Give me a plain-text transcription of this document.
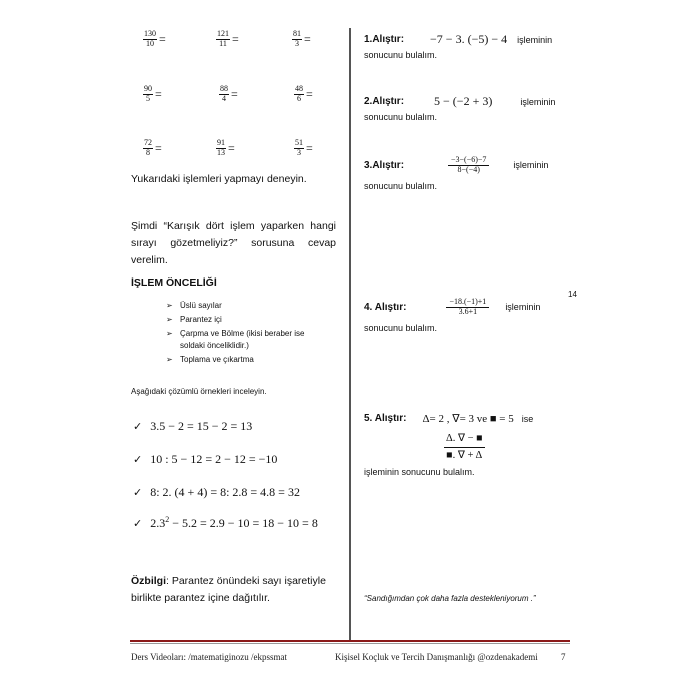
$\frac{130}{10}$ =	$\frac{121}{11}$ =	$\frac{81}{3}$ =
$\frac{90}{5}$ =	$\frac{88}{4}$ =	$\frac{48}{6}$ =
$\frac{72}{8}$ =	$\frac{91}{13}$ =	$\frac{51}{3}$ =
Yukarıdaki işlemleri yapmayı deneyin.
Şimdi “Karışık dört işlem yaparken hangi sırayı gözetmeliyiz?” sorusuna cevap verelim.
İŞLEM ÖNCELİĞİ
➢ Üslü sayılar
➢ Parantez içi
➢ Çarpma ve Bölme (ikisi beraber ise soldaki önceliklidir.)
➢ Toplama ve çıkartma
Aşağıdaki çözümlü örnekleri inceleyin.
✓ 3.5 − 2 = 15 − 2 = 13
✓ 10 : 5 − 12 = 2 − 12 = −10
✓ 8: 2. (4 + 4) = 8: 2.8 = 4.8 = 32
✓ $2.3^2 - 5.2 = 2.9 - 10 = 18 - 10 = 8$
Özbilgi: Parantez önündeki sayı işaretiyle birlikte parantez içine dağıtılır.
1.Alıştır : −7 − 3. (−5) − 4 işleminin
sonucunu bulalım.
2.Alıştır :	5 − (−2 + 3)	işleminin
sonucunu bulalım.
3.Alıştır :	$\frac{-3-(-6)-7}{8-(-4)}$	işleminin
sonucunu bulalım.
14
4. Alıştır :	$\frac{-18.(-1)+1}{3.6+1}$ işleminin
sonucunu bulalım.
5. Alıştır : Δ= 2 , ∇= 3 ve ■ = 5 ise
$\frac{\Delta. \nabla - ■}{■. \nabla + \Delta}$
işleminin sonucunu bulalım.
“Sandığımdan çok daha fazla destekleniyorum .”
Ders Videoları: /matematiginozu /ekpssmat	Kişisel Koçluk ve Tercih Danışmanlığı @ozdenakademi	7
